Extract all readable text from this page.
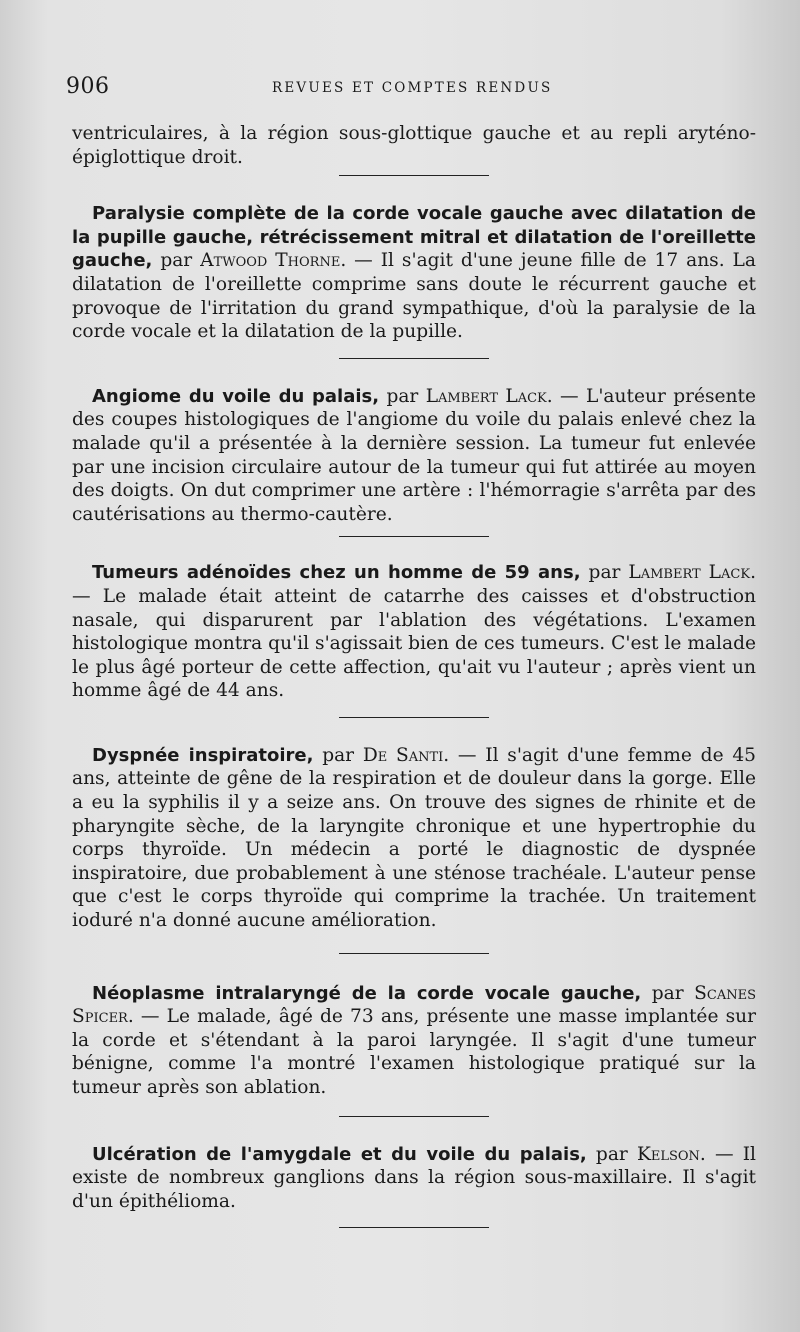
906	REVUES ET COMPTES RENDUS

ventriculaires, à la région sous-glottique gauche et au repli aryténo-épiglottique droit.

Paralysie complète de la corde vocale gauche avec dilatation de la pupille gauche, rétrécissement mitral et dilatation de l'oreillette gauche, par Atwood Thorne. — Il s'agit d'une jeune fille de 17 ans. La dilatation de l'oreillette comprime sans doute le récurrent gauche et provoque de l'irritation du grand sympathique, d'où la paralysie de la corde vocale et la dilatation de la pupille.

Angiome du voile du palais, par Lambert Lack. — L'auteur présente des coupes histologiques de l'angiome du voile du palais enlevé chez la malade qu'il a présentée à la dernière session. La tumeur fut enlevée par une incision circulaire autour de la tumeur qui fut attirée au moyen des doigts. On dut comprimer une artère : l'hémorragie s'arrêta par des cautérisations au thermo-cautère.

Tumeurs adénoïdes chez un homme de 59 ans, par Lambert Lack. — Le malade était atteint de catarrhe des caisses et d'obstruction nasale, qui disparurent par l'ablation des végétations. L'examen histologique montra qu'il s'agissait bien de ces tumeurs. C'est le malade le plus âgé porteur de cette affection, qu'ait vu l'auteur ; après vient un homme âgé de 44 ans.

Dyspnée inspiratoire, par De Santi. — Il s'agit d'une femme de 45 ans, atteinte de gêne de la respiration et de douleur dans la gorge. Elle a eu la syphilis il y a seize ans. On trouve des signes de rhinite et de pharyngite sèche, de la laryngite chronique et une hypertrophie du corps thyroïde. Un médecin a porté le diagnostic de dyspnée inspiratoire, due probablement à une sténose trachéale. L'auteur pense que c'est le corps thyroïde qui comprime la trachée. Un traitement ioduré n'a donné aucune amélioration.

Néoplasme intralaryngé de la corde vocale gauche, par Scanes Spicer. — Le malade, âgé de 73 ans, présente une masse implantée sur la corde et s'étendant à la paroi laryngée. Il s'agit d'une tumeur bénigne, comme l'a montré l'examen histologique pratiqué sur la tumeur après son ablation.

Ulcération de l'amygdale et du voile du palais, par Kelson. — Il existe de nombreux ganglions dans la région sous-maxillaire. Il s'agit d'un épithélioma.
